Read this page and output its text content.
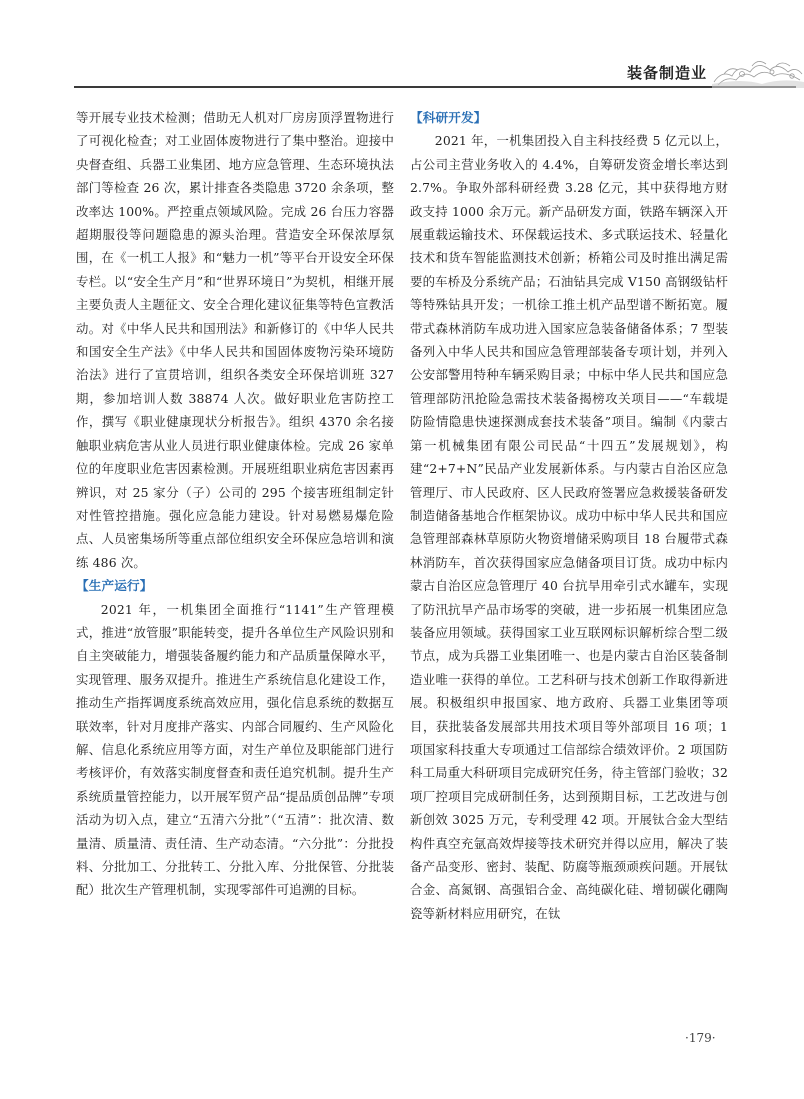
装备制造业

等开展专业技术检测；借助无人机对厂房房顶浮置物进行了可视化检查；对工业固体废物进行了集中整治。迎接中央督查组、兵器工业集团、地方应急管理、生态环境执法部门等检查 26 次，累计排查各类隐患 3720 余条项，整改率达 100%。严控重点领域风险。完成 26 台压力容器超期服役等问题隐患的源头治理。营造安全环保浓厚氛围，在《一机工人报》和“魅力一机”等平台开设安全环保专栏。以“安全生产月”和“世界环境日”为契机，相继开展主要负责人主题征文、安全合理化建议征集等特色宣教活动。对《中华人民共和国刑法》和新修订的《中华人民共和国安全生产法》《中华人民共和国固体废物污染环境防治法》进行了宣贯培训，组织各类安全环保培训班 327 期，参加培训人数 38874 人次。做好职业危害防控工作，撰写《职业健康现状分析报告》。组织 4370 余名接触职业病危害从业人员进行职业健康体检。完成 26 家单位的年度职业危害因素检测。开展班组职业病危害因素再辨识，对 25 家分（子）公司的 295 个接害班组制定针对性管控措施。强化应急能力建设。针对易燃易爆危险点、人员密集场所等重点部位组织安全环保应急培训和演练 486 次。

【生产运行】

2021 年，一机集团全面推行“1141”生产管理模式，推进“放管服”职能转变，提升各单位生产风险识别和自主突破能力，增强装备履约能力和产品质量保障水平，实现管理、服务双提升。推进生产系统信息化建设工作，推动生产指挥调度系统高效应用，强化信息系统的数据互联效率，针对月度排产落实、内部合同履约、生产风险化解、信息化系统应用等方面，对生产单位及职能部门进行考核评价，有效落实制度督查和责任追究机制。提升生产系统质量管控能力，以开展军贸产品“提品质创品牌”专项活动为切入点，建立“五清六分批”（“五清”：批次清、数量清、质量清、责任清、生产动态清。“六分批”：分批投料、分批加工、分批转工、分批入库、分批保管、分批装配）批次生产管理机制，实现零部件可追溯的目标。

【科研开发】

2021 年，一机集团投入自主科技经费 5 亿元以上，占公司主营业务收入的 4.4%，自筹研发资金增长率达到 2.7%。争取外部科研经费 3.28 亿元，其中获得地方财政支持 1000 余万元。新产品研发方面，铁路车辆深入开展重载运输技术、环保载运技术、多式联运技术、轻量化技术和货车智能监测技术创新；桥箱公司及时推出满足需要的车桥及分系统产品；石油钻具完成 V150 高钢级钻杆等特殊钻具开发；一机徐工推土机产品型谱不断拓宽。履带式森林消防车成功进入国家应急装备储备体系；7 型装备列入中华人民共和国应急管理部装备专项计划，并列入公安部警用特种车辆采购目录；中标中华人民共和国应急管理部防汛抢险急需技术装备揭榜攻关项目——“车载堤防险情隐患快速探测成套技术装备”项目。编制《内蒙古第一机械集团有限公司民品“十四五”发展规划》，构建“2+7+N”民品产业发展新体系。与内蒙古自治区应急管理厅、市人民政府、区人民政府签署应急救援装备研发制造储备基地合作框架协议。成功中标中华人民共和国应急管理部森林草原防火物资增储采购项目 18 台履带式森林消防车，首次获得国家应急储备项目订货。成功中标内蒙古自治区应急管理厅 40 台抗旱用牵引式水罐车，实现了防汛抗旱产品市场零的突破，进一步拓展一机集团应急装备应用领域。获得国家工业互联网标识解析综合型二级节点，成为兵器工业集团唯一、也是内蒙古自治区装备制造业唯一获得的单位。工艺科研与技术创新工作取得新进展。积极组织申报国家、地方政府、兵器工业集团等项目，获批装备发展部共用技术项目等外部项目 16 项；1 项国家科技重大专项通过工信部综合绩效评价。2 项国防科工局重大科研项目完成研究任务，待主管部门验收；32 项厂控项目完成研制任务，达到预期目标，工艺改进与创新创效 3025 万元，专利受理 42 项。开展钛合金大型结构件真空充氩高效焊接等技术研究并得以应用，解决了装备产品变形、密封、装配、防腐等瓶颈顽疾问题。开展钛合金、高氮钢、高强铝合金、高纯碳化硅、增韧碳化硼陶瓷等新材料应用研究，在钛

·179·
